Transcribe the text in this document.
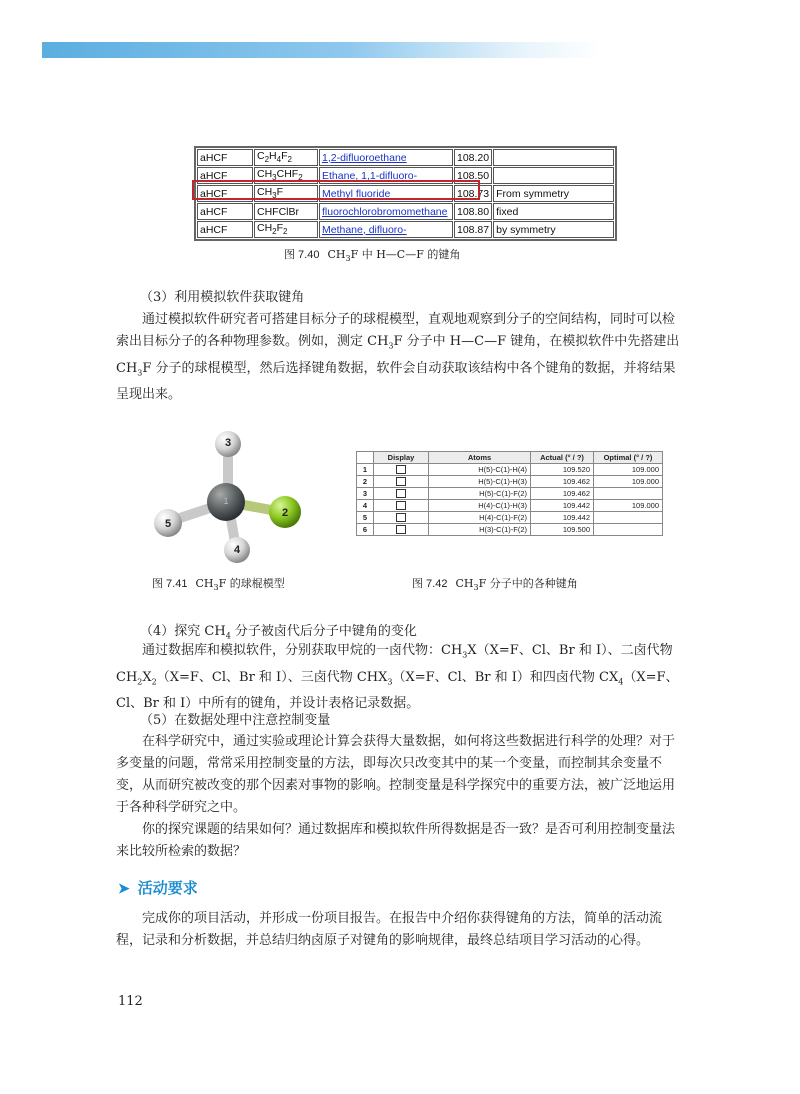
aHCF	$C_2H_4F_2$	1,2-difluoroethane	108.20	
aHCF	$CH_3CHF_2$	Ethane, 1,1-difluoro-	108.50	
aHCF	$CH_3F$	Methyl fluoride	108.73	From symmetry
aHCF	CHFClBr	fluorochlorobromomethane	108.80	fixed
aHCF	$CH_2F_2$	Methane, difluoro-	108.87	by symmetry
图 7.40 $CH_3F$ 中 H—C—F 的键角
（3）利用模拟软件获取键角
通过模拟软件研究者可搭建目标分子的球棍模型，直观地观察到分子的空间结构，同时可以检索出目标分子的各种物理参数。例如，测定 $CH_3F$ 分子中 H—C—F 键角，在模拟软件中先搭建出 $CH_3F$ 分子的球棍模型，然后选择键角数据，软件会自动获取该结构中各个键角的数据，并将结果呈现出来。
3
1
2
5
4
	Display	Atoms	Actual (° / ?)	Optimal (° / ?)
1		H(5)-C(1)-H(4)	109.520	109.000
2		H(5)-C(1)-H(3)	109.462	109.000
3		H(5)-C(1)-F(2)	109.462	
4		H(4)-C(1)-H(3)	109.442	109.000
5		H(4)-C(1)-F(2)	109.442	
6		H(3)-C(1)-F(2)	109.500	
图 7.41 $CH_3F$ 的球棍模型	图 7.42 $CH_3F$ 分子中的各种键角
（4）探究 $CH_4$ 分子被卤代后分子中键角的变化
通过数据库和模拟软件，分别获取甲烷的一卤代物：$CH_3X(X=F$、Cl、Br 和 I）、二卤代物 $CH_2X_2(X=F$、Cl、Br 和 I）、三卤代物 $CHX_3(X=F$、Cl、Br 和 I）和四卤代物 $CX_4(X=F$、Cl、Br 和 I）中所有的键角，并设计表格记录数据。
（5）在数据处理中注意控制变量
在科学研究中，通过实验或理论计算会获得大量数据，如何将这些数据进行科学的处理？对于多变量的问题，常常采用控制变量的方法，即每次只改变其中的某一个变量，而控制其余变量不变，从而研究被改变的那个因素对事物的影响。控制变量是科学探究中的重要方法，被广泛地运用于各种科学研究之中。
你的探究课题的结果如何？通过数据库和模拟软件所得数据是否一致？是否可利用控制变量法来比较所检索的数据？
➤ 活动要求
完成你的项目活动，并形成一份项目报告。在报告中介绍你获得键角的方法，简单的活动流程，记录和分析数据，并总结归纳卤原子对键角的影响规律，最终总结项目学习活动的心得。
112
